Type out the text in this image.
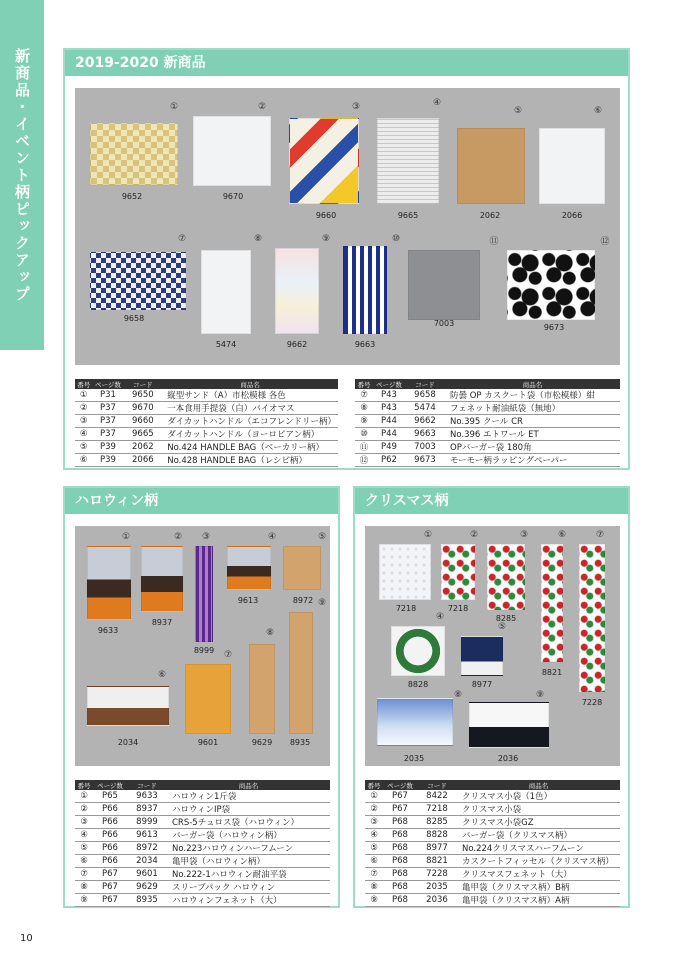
新商品・イベント柄ピックアップ	2019-2020 新商品
①
9652
②
9670
③
9660
④
9665
⑤
2062
⑥
2066
⑦
9658
⑧
5474
⑨
9662
⑩
9663
⑪
7003
⑫
9673
番号	ページ数	コード	商品名
①	P31	9650	縦型サンド（A）市松模様 各色
②	P37	9670	一本食用手提袋（白）バイオマス
③	P37	9660	ダイカットハンドル（エコフレンドリー柄）
④	P37	9665	ダイカットハンドル（ヨーロピアン柄）
⑤	P39	2062	No.424 HANDLE BAG（ベーカリー柄）
⑥	P39	2066	No.428 HANDLE BAG（レシピ柄）
番号	ページ数	コード	商品名
⑦	P43	9658	防曇 OP カスクート袋（市松模様）紺
⑧	P43	5474	フェネット耐油紙袋（無地）
⑨	P44	9662	No.395 クール CR
⑩	P44	9663	No.396 エトワール ET
⑪	P49	7003	OPバーガー袋 180角
⑫	P62	9673	モーモー柄ラッピングペーパー
ハロウィン柄
①
9633
②
8937
③
8999
④
9613
⑤
8972
⑥
2034
⑦
9601
⑧
9629
⑨
8935
番号	ページ数	コード	商品名
①	P65	9633	ハロウィン1斤袋
②	P66	8937	ハロウィンIP袋
③	P66	8999	CRS-5チュロス袋（ハロウィン）
④	P66	9613	バーガー袋（ハロウィン柄）
⑤	P66	8972	No.223ハロウィンハーフムーン
⑥	P66	2034	亀甲袋（ハロウィン柄）
⑦	P67	9601	No.222-1ハロウィン耐油平袋
⑧	P67	9629	スリーブパック ハロウィン
⑨	P67	8935	ハロウィンフェネット（大）
クリスマス柄
①
7218
②
7218
③
8285
④
8828
⑤
8977
⑥
8821
⑦
7228
⑧
2035
⑨
2036
番号	ページ数	コード	商品名
①	P67	8422	クリスマス小袋（1色）
②	P67	7218	クリスマス小袋
③	P68	8285	クリスマス小袋GZ
④	P68	8828	バーガー袋（クリスマス柄）
⑤	P68	8977	No.224クリスマスハーフムーン
⑥	P68	8821	カスクートフィッセル（クリスマス柄）
⑦	P68	7228	クリスマスフェネット（大）
⑧	P68	2035	亀甲袋（クリスマス柄）B柄
⑨	P68	2036	亀甲袋（クリスマス柄）A柄
10
